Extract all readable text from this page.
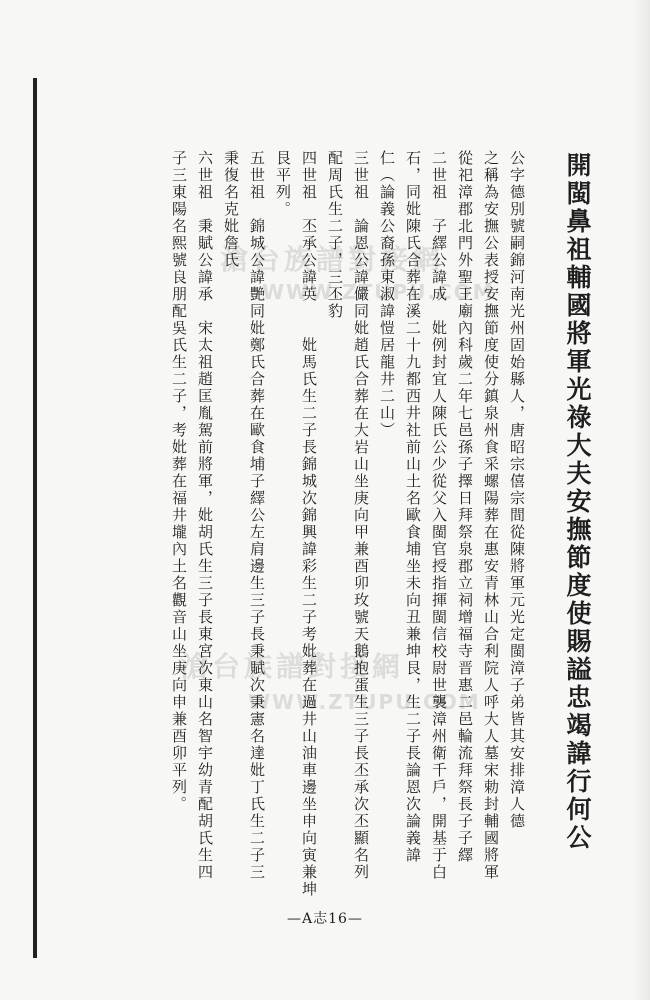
滄台族譜對接網
WWW.ZTUPU.COM
滄台族譜對接網
WWW.ZTUPU.COM	開閩鼻祖輔國將軍光祿大夫安撫節度使賜謚忠竭諱行何公
公字德別號嗣錦河南光州固始縣人，唐昭宗僖宗間從陳將軍元光定閩漳子弟皆其安排漳人德
之稱為安撫公表授安撫節度使分鎮泉州食采螺陽葬在惠安青林山合利院人呼大人墓宋勅封輔國將軍
從祀漳郡北門外聖王廟內科歲二年七邑孫子擇日拜祭泉郡立祠增福寺晋惠二邑輪流拜祭長子子繹
二世祖　子繹公諱成　妣例封宜人陳氏公少從父入閩官授指揮閩信校尉世襲漳州衛千戶，開基于白
石，同妣陳氏合葬在溪二十九都西井社前山土名歐食埔坐未向丑兼坤艮，生二子長論恩次論義諱
仁（論義公裔孫東淑諱愷居龍井二山）
三世祖　論恩公諱儼同妣趙氏合葬在大岩山坐庚向甲兼酉卯玫號天鵝抱蛋生三子長丕承次丕顯名列
配周氏生二子，三丕豹
四世祖　丕承公諱英　　妣馬氏生二子長錦城次錦興諱彩生二子考妣葬在過井山油車邊坐申向寅兼坤
艮平列。
五世祖　錦城公諱艷同妣鄭氏合葬在歐食埔子繹公左肩邊生三子長秉賦次秉憲名達妣丁氏生二子三
秉復名克妣詹氏
六世祖　秉賦公諱承　宋太祖趙匡胤駕前將軍，妣胡氏生三子長東宮次東山名智宇幼青配胡氏生四
子三東陽名熙號良朋配吳氏生二子，考妣葬在福井壠內土名觀音山坐庚向申兼酉卯平列。
—A志16—
